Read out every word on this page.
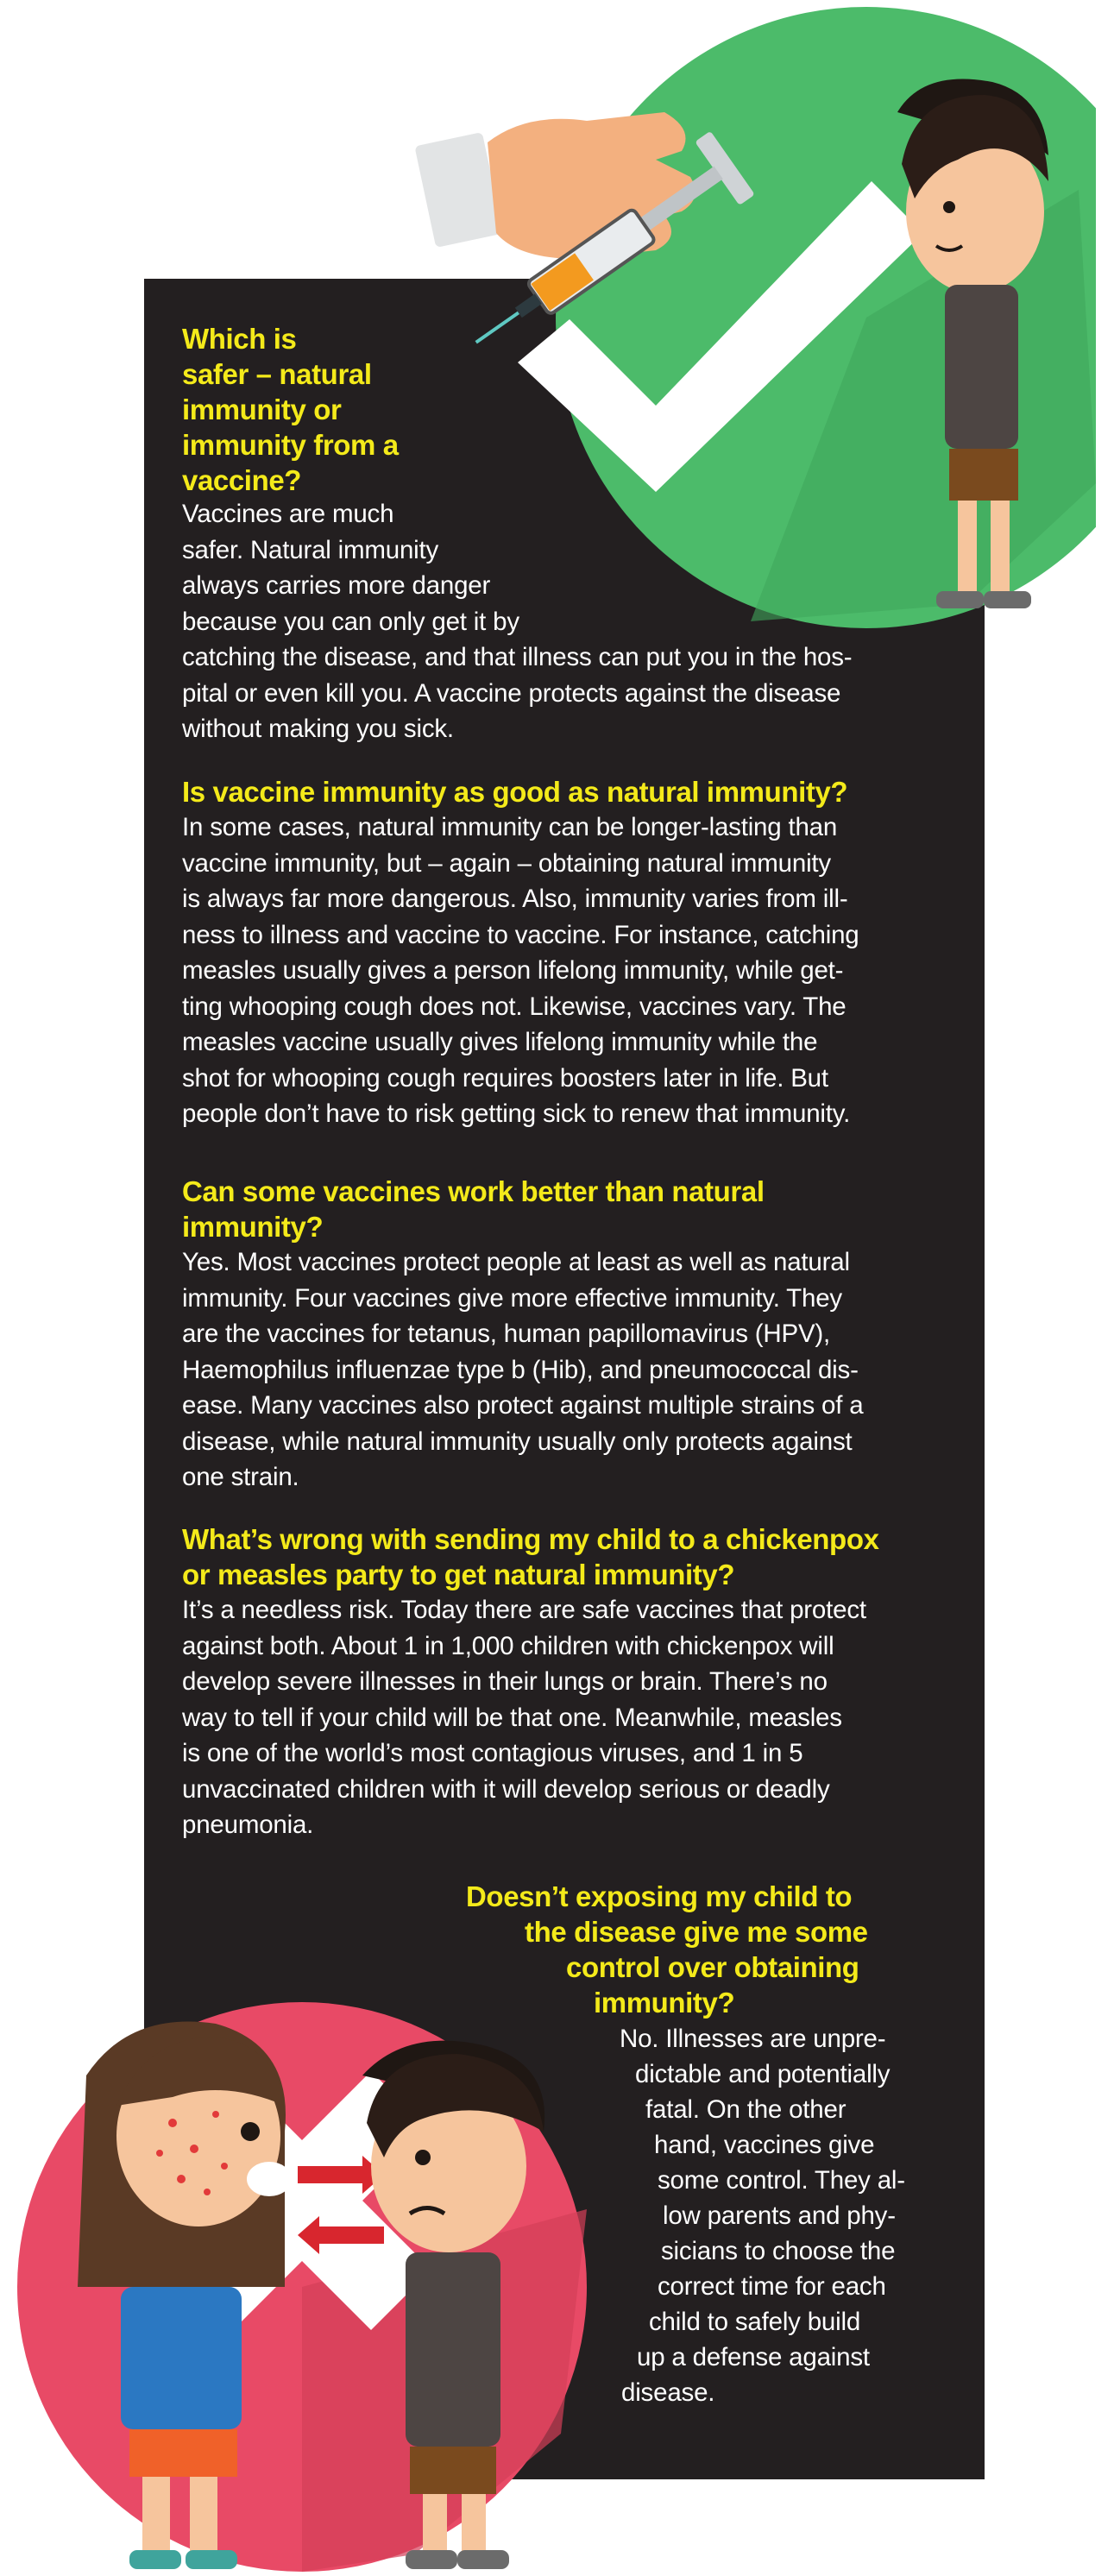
Which is
safer – natural
immunity or
immunity from a
vaccine?

Vaccines are much
safer. Natural immunity
always carries more danger
because you can only get it by
catching the disease, and that illness can put you in the hos-
pital or even kill you. A vaccine protects against the disease
without making you sick.

Is vaccine immunity as good as natural immunity?

In some cases, natural immunity can be longer-lasting than
vaccine immunity, but – again – obtaining natural immunity
is always far more dangerous. Also, immunity varies from ill-
ness to illness and vaccine to vaccine. For instance, catching
measles usually gives a person lifelong immunity, while get-
ting whooping cough does not. Likewise, vaccines vary. The
measles vaccine usually gives lifelong immunity while the
shot for whooping cough requires boosters later in life. But
people don’t have to risk getting sick to renew that immunity.

Can some vaccines work better than natural
immunity?

Yes. Most vaccines protect people at least as well as natural
immunity. Four vaccines give more effective immunity. They
are the vaccines for tetanus, human papillomavirus (HPV),
Haemophilus influenzae type b (Hib), and pneumococcal dis-
ease. Many vaccines also protect against multiple strains of a
disease, while natural immunity usually only protects against
one strain.

What’s wrong with sending my child to a chickenpox
or measles party to get natural immunity?

It’s a needless risk. Today there are safe vaccines that protect
against both. About 1 in 1,000 children with chickenpox will
develop severe illnesses in their lungs or brain. There’s no
way to tell if your child will be that one. Meanwhile, measles
is one of the world’s most contagious viruses, and 1 in 5
unvaccinated children with it will develop serious or deadly
pneumonia.

Doesn’t exposing my child to
the disease give me some
control over obtaining
immunity?

No. Illnesses are unpre-
dictable and potentially
fatal. On the other
hand, vaccines give
some control. They al-
low parents and phy-
sicians to choose the
correct time for each
child to safely build
up a defense against
disease.
